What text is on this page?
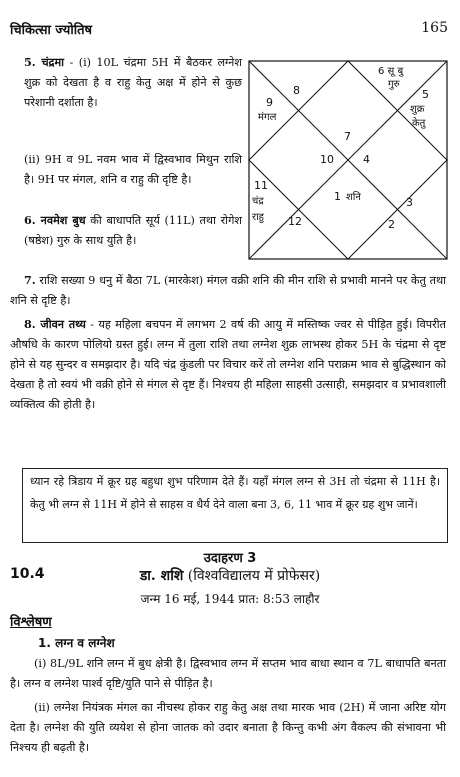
चिकित्सा ज्योतिष	165
5. चंद्रमा - (i) 10L चंद्रमा 5H में बैठकर लग्नेश शुक्र को देखता है व राहु केतु अक्ष में होने से कुछ परेशानी दर्शाता है।
(ii) 9H व 9L नवम भाव में द्विस्वभाव मिथुन राशि है। 9H पर मंगल, शनि व राहु की दृष्टि है।
6. नवमेश बुध की बाधापति सूर्य (11L) तथा रोगेश (षष्ठेश) गुरु के साथ युति है।
8
9
मंगल
6 सू बु
गुरु
5
शुक्र
केतु
7
10	4
11
चंद्र
राहु 12
1 शनि	3
2
7. राशि सख्या 9 धनु में बैठा 7L (मारकेश) मंगल वक्री शनि की मीन राशि से प्रभावी मानने पर केतु तथा शनि से दृष्टि है।
8. जीवन तथ्य - यह महिला बचपन में लगभग 2 वर्ष की आयु में मस्तिष्क ज्वर से पीड़ित हुई। विपरीत औषधि के कारण पोलियो ग्रस्त हुई। लग्न में तुला राशि तथा लग्नेश शुक्र लाभस्थ होकर 5H के चंद्रमा से दृष्ट होने से यह सुन्दर व समझदार है। यदि चंद्र कुंडली पर विचार करें तो लग्नेश शनि पराक्रम भाव से बुद्धिस्थान को देखता है तो स्वयं भी वक्री होने से मंगल से दृष्ट हैं। निश्चय ही महिला साहसी उत्साही, समझदार व प्रभावशाली व्यक्तित्व की होती है।
ध्यान रहे त्रिडाय में क्रूर ग्रह बहुधा शुभ परिणाम देते हैं। यहाँ मंगल लग्न से 3H तो चंद्रमा से 11H है। केतु भी लग्न से 11H में होने से साहस व धैर्य देने वाला बना 3, 6, 11 भाव में क्रूर ग्रह शुभ जानें।
उदाहरण 3
10.4	डा. शशि (विश्वविद्यालय में प्रोफेसर)
जन्म 16 मई, 1944 प्रात: 8:53 लाहौर
विश्लेषण
1. लग्न व लग्नेश
(i) 8L/9L शनि लग्न में बुध क्षेत्री है। द्विस्वभाव लग्न में सप्तम भाव बाधा स्थान व 7L बाधापति बनता है। लग्न व लग्नेश पार्श्व दृष्टि/युति पाने से पीड़ित है।
(ii) लग्नेश नियंत्रक मंगल का नीचस्थ होकर राहु केतु अक्ष तथा मारक भाव (2H) में जाना अरिष्ट योग देता है। लग्नेश की युति व्ययेश से होना जातक को उदार बनाता है किन्तु कभी अंग वैकल्प की संभावना भी निश्चय ही बढ़ती है।
